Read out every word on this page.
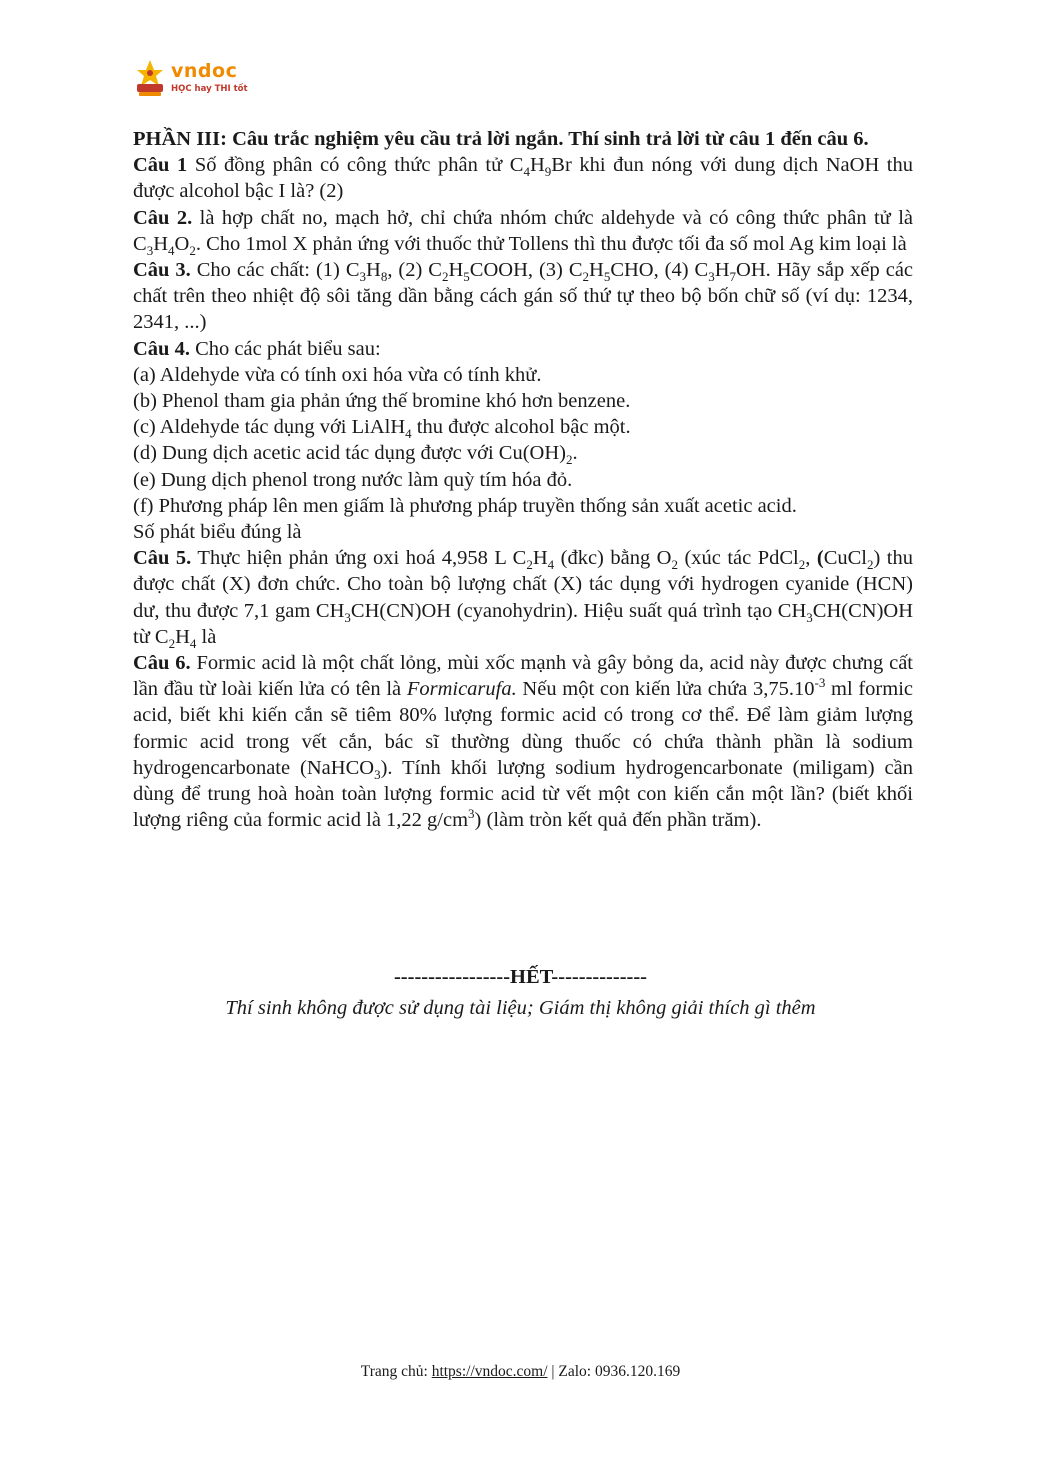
vndoc
HỌC hay THI tốt

PHẦN III: Câu trắc nghiệm yêu cầu trả lời ngắn. Thí sinh trả lời từ câu 1 đến câu 6.

Câu 1 Số đồng phân có công thức phân tử $C_4H_9Br$ khi đun nóng với dung dịch NaOH thu được alcohol bậc I là? (2)

Câu 2. là hợp chất no, mạch hở, chỉ chứa nhóm chức aldehyde và có công thức phân tử là $C_3H_4O_2$. Cho 1mol X phản ứng với thuốc thử Tollens thì thu được tối đa số mol Ag kim loại là

Câu 3. Cho các chất: (1) $C_3H_8$, (2) $C_2H_5COOH$, (3) $C_2H_5CHO$, (4) $C_3H_7OH$. Hãy sắp xếp các chất trên theo nhiệt độ sôi tăng dần bằng cách gán số thứ tự theo bộ bốn chữ số (ví dụ: 1234, 2341, ...)

Câu 4. Cho các phát biểu sau:

(a) Aldehyde vừa có tính oxi hóa vừa có tính khử.

(b) Phenol tham gia phản ứng thế bromine khó hơn benzene.

(c) Aldehyde tác dụng với LiAlH$_4$ thu được alcohol bậc một.

(d) Dung dịch acetic acid tác dụng được với $Cu(OH)_2$.

(e) Dung dịch phenol trong nước làm quỳ tím hóa đỏ.

(f) Phương pháp lên men giấm là phương pháp truyền thống sản xuất acetic acid.

Số phát biểu đúng là

Câu 5. Thực hiện phản ứng oxi hoá 4,958 L $C_2H_4$ (đkc) bằng $O_2$ (xúc tác PdCl$_2$, (CuCl$_2$) thu được chất (X) đơn chức. Cho toàn bộ lượng chất (X) tác dụng với hydrogen cyanide (HCN) dư, thu được 7,1 gam $CH_3CH(CN)OH$ (cyanohydrin). Hiệu suất quá trình tạo $CH_3CH(CN)OH$ từ $C_2H_4$ là

Câu 6. Formic acid là một chất lỏng, mùi xốc mạnh và gây bỏng da, acid này được chưng cất lần đầu từ loài kiến lửa có tên là Formicarufa. Nếu một con kiến lửa chứa $3,75.10^{-3}$ ml formic acid, biết khi kiến cắn sẽ tiêm 80% lượng formic acid có trong cơ thể. Để làm giảm lượng formic acid trong vết cắn, bác sĩ thường dùng thuốc có chứa thành phần là sodium hydrogencarbonate (NaHCO$_3$). Tính khối lượng sodium hydrogencarbonate (miligam) cần dùng để trung hoà hoàn toàn lượng formic acid từ vết một con kiến cắn một lần? (biết khối lượng riêng của formic acid là 1,22 $g/cm^3$) (làm tròn kết quả đến phần trăm).

-----------------HẾT--------------
Thí sinh không được sử dụng tài liệu; Giám thị không giải thích gì thêm
Trang chủ: https://vndoc.com/ | Zalo: 0936.120.169
